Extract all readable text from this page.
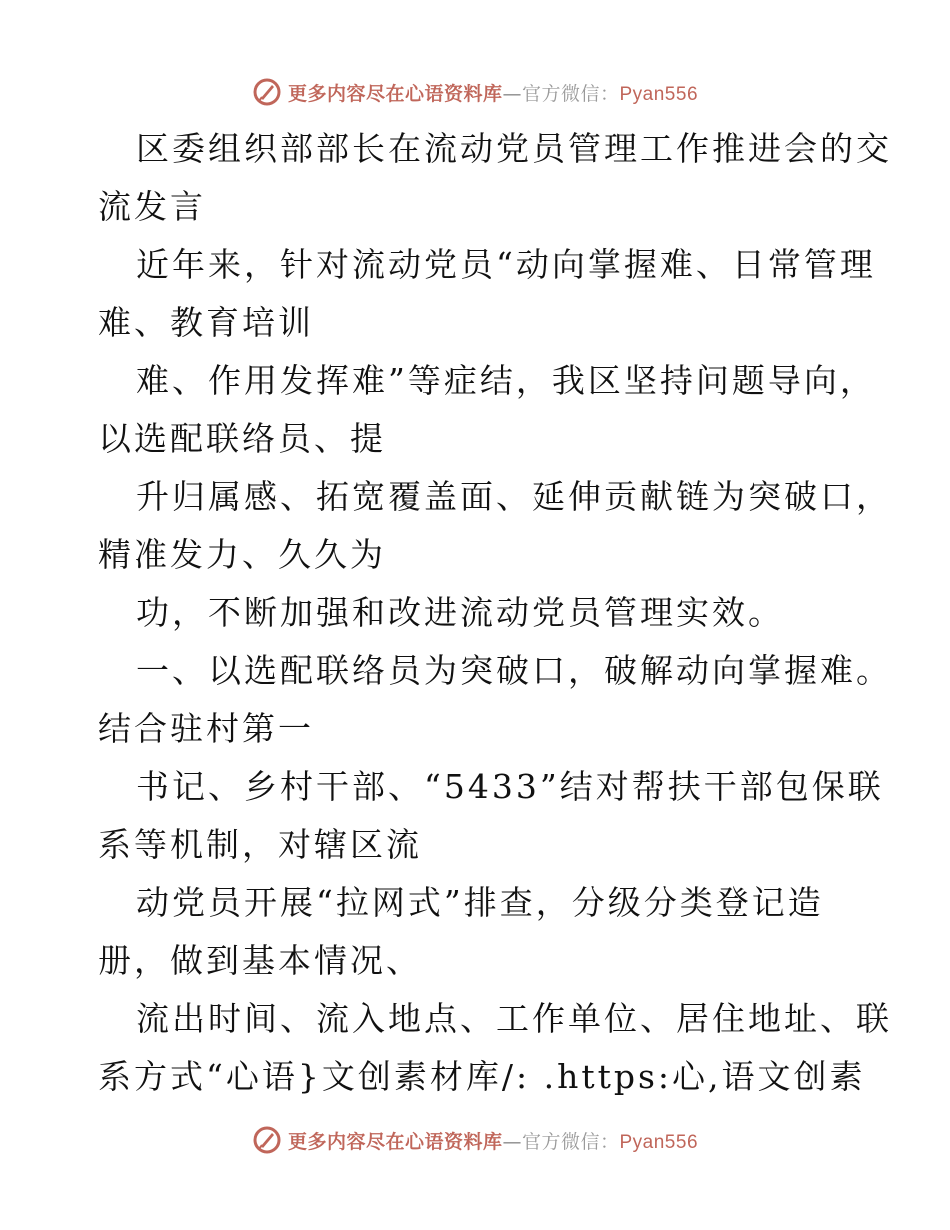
更多内容尽在心语资料库—官方微信：Pyan556
区委组织部部长在流动党员管理工作推进会的交
流发言
近年来，针对流动党员“动向掌握难、日常管理
难、教育培训
难、作用发挥难”等症结，我区坚持问题导向，
以选配联络员、提
升归属感、拓宽覆盖面、延伸贡献链为突破口，
精准发力、久久为
功，不断加强和改进流动党员管理实效。
一、以选配联络员为突破口，破解动向掌握难。
结合驻村第一
书记、乡村干部、“5433”结对帮扶干部包保联
系等机制，对辖区流
动党员开展“拉网式”排查，分级分类登记造
册，做到基本情况、
流出时间、流入地点、工作单位、居住地址、联
系方式“心语}文创素材库/: .https:心,语文创素
更多内容尽在心语资料库—官方微信：Pyan556
